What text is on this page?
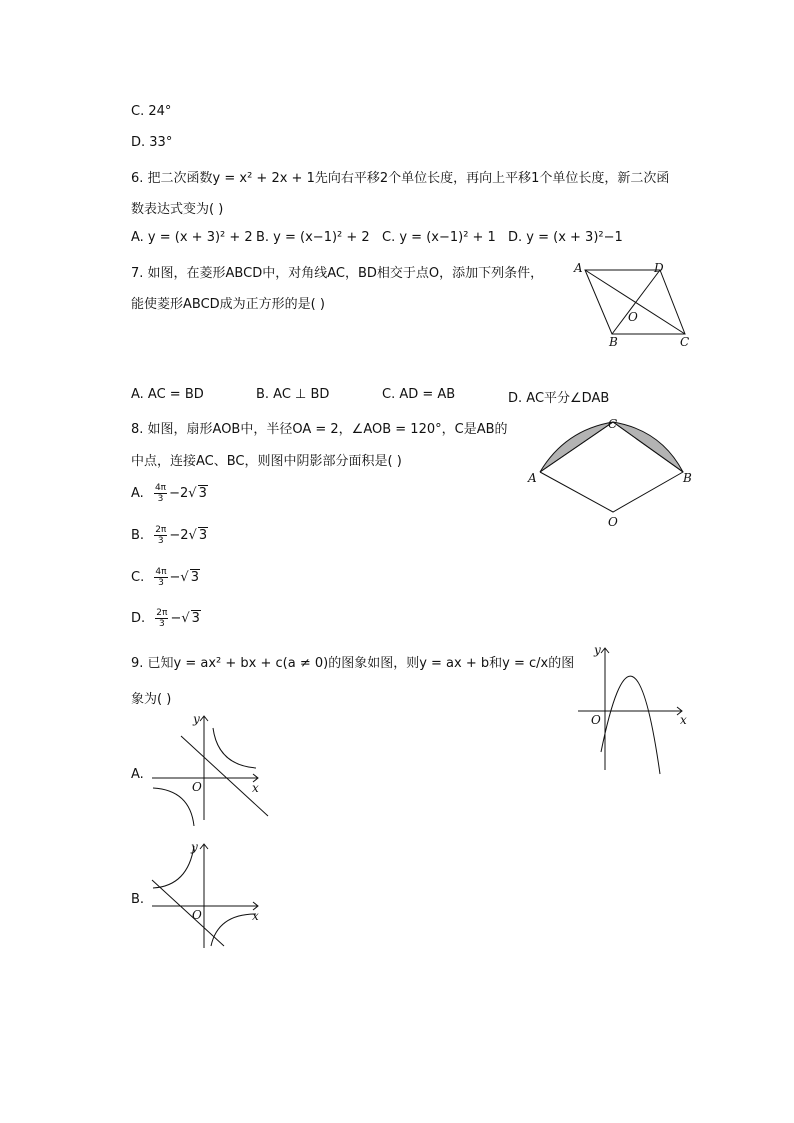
C. 24°
D. 33°
6. 把二次函数y = x² + 2x + 1先向右平移2个单位长度，再向上平移1个单位长度，新二次函
数表达式变为( )
A. y = (x + 3)² + 2 B. y = (x−1)² + 2 C. y = (x−1)² + 1 D. y = (x + 3)²−1
7. 如图，在菱形ABCD中，对角线AC，BD相交于点O，添加下列条件，
能使菱形ABCD成为正方形的是( )
A	D
O
B	C
A. AC = BD	B. AC ⊥ BD	C. AD = AB	D. AC平分∠DAB
8. 如图，扇形AOB中，半径OA = 2，∠AOB = 120°，C是AB的
中点，连接AC、BC，则图中阴影部分面积是( )
A
C
B
O
A. $\frac{4\pi}{3} -2√$ 3
B. $\frac{2\pi}{3} -2√$ 3
C. $\frac{4\pi}{3}$ −√ 3
D. $\frac{2\pi}{3}$ −√ 3
9. 已知y = ax² + bx + c(a ≠ 0)的图象如图，则y = ax + b和y = c/x的图
象为( )
y
x
O
A.
y
x
O
B.
y
x
O
